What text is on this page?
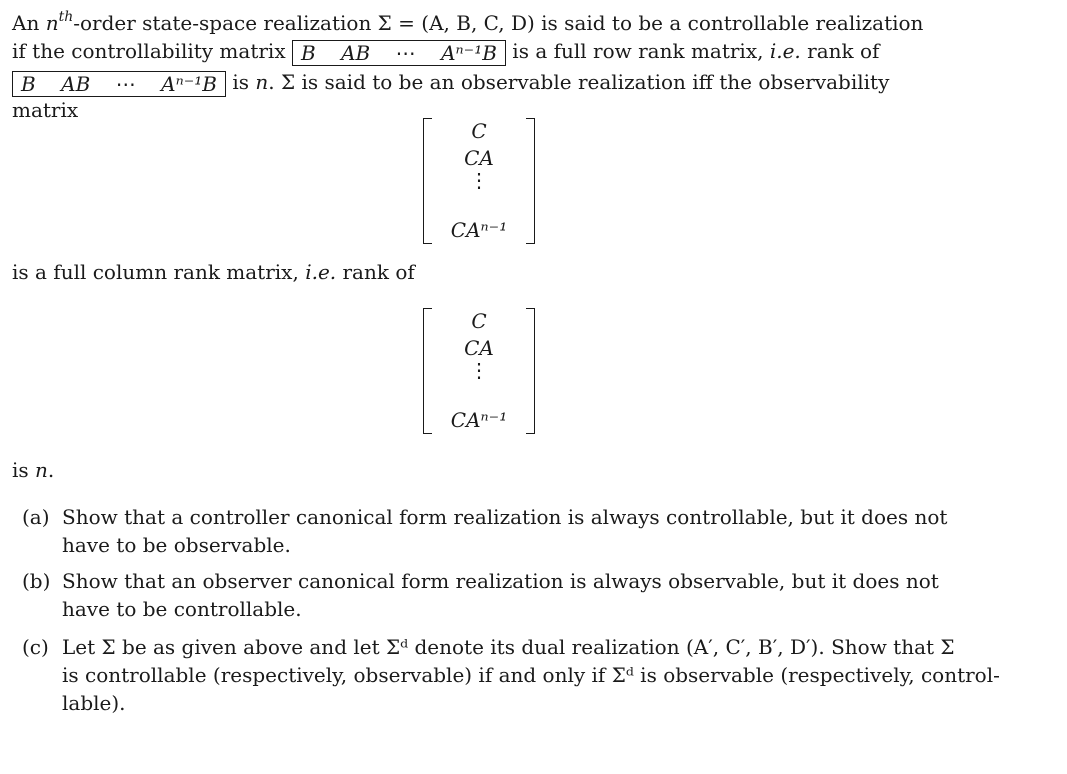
An $n^{th}$-order state-space realization Σ = (A, B, C, D) is said to be a controllable realization
if the controllability matrix B AB ⋯ Aⁿ⁻¹B is a full row rank matrix, i.e. rank of
B AB ⋯ Aⁿ⁻¹B is n. Σ is said to be an observable realization iff the observability
matrix
C
CA
⋮
CAⁿ⁻¹
is a full column rank matrix, i.e. rank of
C
CA
⋮
CAⁿ⁻¹
is n.
(a) Show that a controller canonical form realization is always controllable, but it does not
have to be observable.
(b) Show that an observer canonical form realization is always observable, but it does not
have to be controllable.
(c) Let Σ be as given above and let Σᵈ denote its dual realization (A′, C′, B′, D′). Show that Σ
is controllable (respectively, observable) if and only if Σᵈ is observable (respectively, control-
lable).
